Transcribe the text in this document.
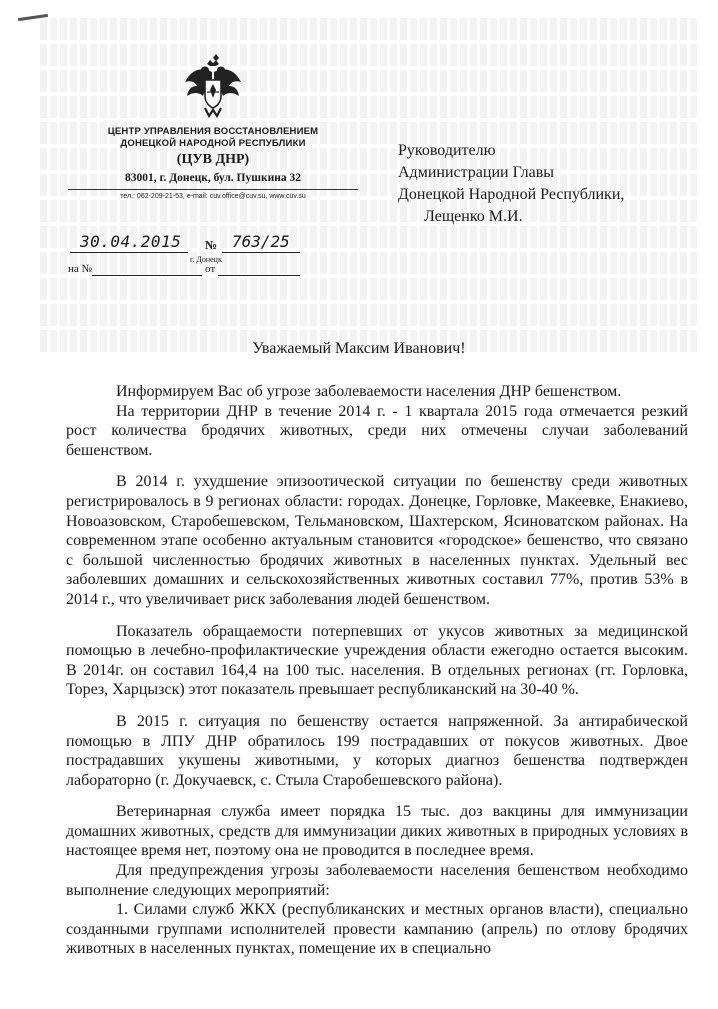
ЦЕНТР УПРАВЛЕНИЯ ВОССТАНОВЛЕНИЕМ
ДОНЕЦКОЙ НАРОДНОЙ РЕСПУБЛИКИ
(ЦУВ ДНР)
83001, г. Донецк, бул. Пушкина 32
тел.: 062-209-21-53, e-mail: cuv.office@cuv.su, www.cuv.su
30.04.2015 № 763/25
г. Донецк
на №	от
Руководителю
Администрации Главы
Донецкой Народной Республики,
Лещенко М.И.
Уважаемый Максим Иванович!

Информируем Вас об угрозе заболеваемости населения ДНР бешенством.

На территории ДНР в течение 2014 г. - 1 квартала 2015 года отмечается резкий рост количества бродячих животных, среди них отмечены случаи заболеваний бешенством.

В 2014 г. ухудшение эпизоотической ситуации по бешенству среди животных регистрировалось в 9 регионах области: городах. Донецке, Горловке, Макеевке, Енакиево, Новоазовском, Старобешевском, Тельмановском, Шахтерском, Ясиноватском районах. На современном этапе особенно актуальным становится «городское» бешенство, что связано с большой численностью бродячих животных в населенных пунктах. Удельный вес заболевших домашних и сельскохозяйственных животных составил 77%, против 53% в 2014 г., что увеличивает риск заболевания людей бешенством.

Показатель обращаемости потерпевших от укусов животных за медицинской помощью в лечебно-профилактические учреждения области ежегодно остается высоким. В 2014г. он составил 164,4 на 100 тыс. населения. В отдельных регионах (гг. Горловка, Торез, Харцызск) этот показатель превышает республиканский на 30-40 %.

В 2015 г. ситуация по бешенству остается напряженной. За антирабической помощью в ЛПУ ДНР обратилось 199 пострадавших от покусов животных. Двое пострадавших укушены животными, у которых диагноз бешенства подтвержден лабораторно (г. Докучаевск, с. Стыла Старобешевского района).

Ветеринарная служба имеет порядка 15 тыс. доз вакцины для иммунизации домашних животных, средств для иммунизации диких животных в природных условиях в настоящее время нет, поэтому она не проводится в последнее время.

Для предупреждения угрозы заболеваемости населения бешенством необходимо выполнение следующих мероприятий:

1. Силами служб ЖКХ (республиканских и местных органов власти), специально созданными группами исполнителей провести кампанию (апрель) по отлову бродячих животных в населенных пунктах, помещение их в специально
